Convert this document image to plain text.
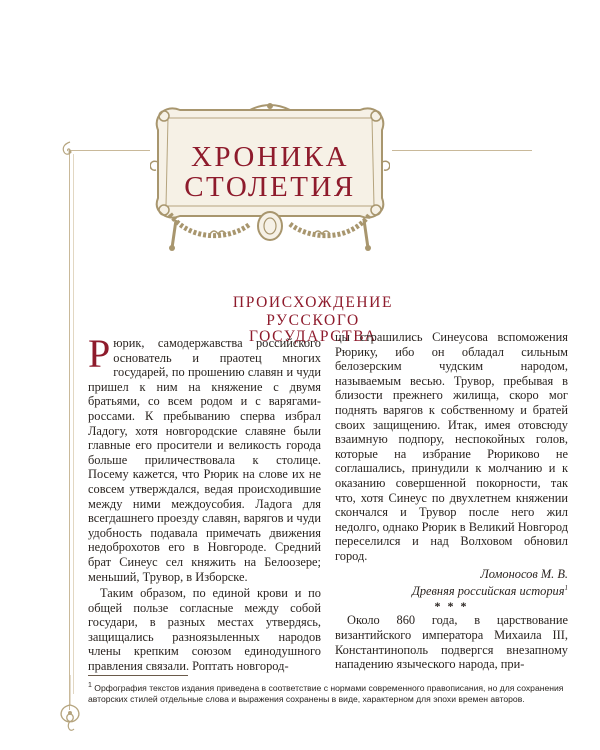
ХРОНИКА
СТОЛЕТИЯ
ПРОИСХОЖДЕНИЕ
РУССКОГО ГОСУДАРСТВА

Рюрик, самодержавства российского основатель и праотец многих государей, по прошению славян и чуди пришел к ним на княжение с двумя братьями, со всем родом и с варягами-россами. К пребыванию сперва избрал Ладогу, хотя новгородские славяне были главные его просители и великость города больше приличествовала к столице. Посему кажется, что Рюрик на слове их не совсем утверждался, ведая происходившие между ними междоусобия. Ладога для всегдашнего проезду славян, варягов и чуди удобность подавала примечать движения недоброхотов его в Новгороде. Средний брат Синеус сел княжить на Белоозере; меньший, Трувор, в Изборске.

Таким образом, по единой крови и по общей пользе согласные между собой государи, в разных местах утвердясь, защищались разноязыленных народов члены крепким союзом единодушного правления связали. Роптать новгород-

цы страшились Синеусова вспоможения Рюрику, ибо он обладал сильным белозерским чудским народом, называемым весью. Трувор, пребывая в близости прежнего жилища, скоро мог поднять варягов к собственному и братей своих защищению. Итак, имея отовсюду взаимную подпору, неспокойных голов, которые на избрание Рюриково не соглашались, принудили к молчанию и к оказанию совершенной покорности, так что, хотя Синеус по двухлетнем княжении скончался и Трувор после него жил недолго, однако Рюрик в Великий Новгород переселился и над Волховом обновил город.

Ломоносов М. В.

Древняя российская история$^1$

* * *

Около 860 года, в царствование византийского императора Михаила III, Константинополь подвергся внезапному нападению языческого народа, при-

$^1$ Орфография текстов издания приведена в соответствие с нормами современного правописания, но для сохранения авторских стилей отдельные слова и выражения сохранены в виде, характерном для эпохи времен авторов.
